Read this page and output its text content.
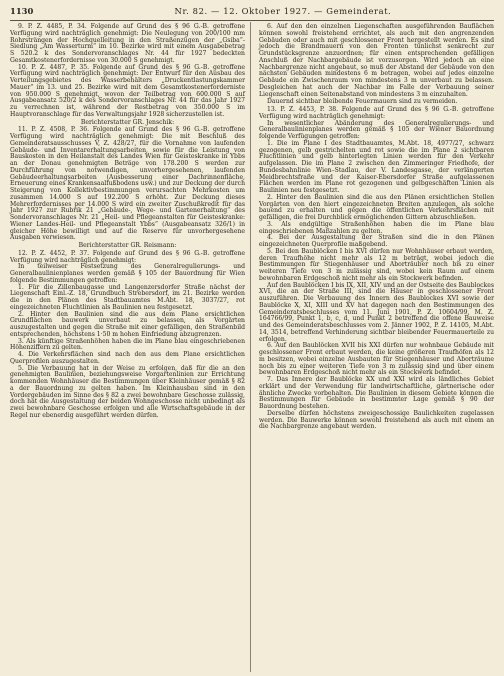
1130	Nr. 82. — 12. Oktober 1927. — Gemeinderat.

9. P. Z. 4485, P. 34. Folgende auf Grund des § 96 G.-B. getroffene Verfügung wird nachträglich genehmigt: Die Neulegung von 200/100 mm Rohrsträngen der Hochquelleitung in den Straßenzügen der „Gsiba“-Siedlung „Am Wasserturm“ im 10. Bezirke wird mit einem Ausgabebetrag S 520.2 k des Sondervoranschlages Nr. 44 für 1927 bedeckten Gesamtkostenerfordernisse von 30.000 S genehmigt.

10. P. Z. 4487, P. 35. Folgende auf Grund des § 96 G.-B. getroffene Verfügung wird nachträglich genehmigt: Der Entwurf für den Ausbau des Verteilungsgebietes des Wasserbehälters „Druckentlastungskammer Mauer“ im 13. und 25. Bezirke wird mit dem Gesamtkostenerforderniste von 950.000 S genehmigt, wovon der Teilbetrag von 600.000 S auf Ausgabeansatz 520/2 k des Sondervoranschlages Nr. 44 für das Jahr 1927 zu verrechnen ist, während der Restbetrag von 350.000 S im Hauptvoranschlage für das Verwaltungsjahr 1928 sicherzustellen ist.

Berichterstatter GR. Jenschik:

11. P. Z. 4508, P. 36. Folgende auf Grund des § 96 G.-B. getroffene Verfügung wird nachträglich genehmigt: Die mit Beschluß des Gemeinderatsausschusses V, Z. 428/27, für die Vornahme von laufenden Gebäude- und Inventarerhaltungsarbeiten, sowie für die Leistung von Bauskosten in den Heilanstalt des Landes Wien für Geisteskranke in Ybbs an der Donau genehmigten Beträge von 178.200 S werden zur Durchführung von notwendigen, unvorhergesehenen, laufenden Gebäudeerhaltungsarbeiten (Ausbesserung einer Dachrinnenfläche, Erneuerung eines Krankensaalfußbodens usw.) und zur Deckung der durch Steigerung von Kollektivbestimmungen verursachten Mehrkosten um zusammen 14.000 S auf 192.200 S erhöht. Zur Deckung dieses Mehrerfordernisses per 14.000 S wird ein zweiter Zuschußkredit für das Jahr 1927 zur Rubrik 21 „Gebäude-, Wege- und Gartenerhaltung“ des Sondervoranschlages Nr. 21 „Heil- und Pflegeanstalten für Geisteskranke: Wiener Landes-Heil- und Pflegeanstalt Ybbs“ (Ausgabeansatz 326/1) in gleicher Höhe bewilligt und auf die Reserve für unvorhergesehene Ausgaben verwiesen.

Berichterstatter GR. Reismann:

12. P. Z. 4452, P. 37. Folgende auf Grund des § 96 G.-B. getroffene Verfügung wird nachträglich genehmigt:

In teilweiser Festsetzung des Generalregulierungs- und Generalbaulinienplanes werden gemäß § 105 der Bauordnung für Wien folgende Bestimmungen getroffen:

1. Für die Zillenbaugasse und Langenzersdorfer Straße nächst der Liegenschaft Einl.-Z. 18, Grundbuch Strebersdorf, im 21. Bezirke werden die in den Plänen des Stadtbauamtes M.Abt. 18, 3037/27, rot eingezeichneten Fluchtlinien als Baulinien neu festgesetzt.

2. Hinter den Baulinien sind die aus dem Plane ersichtlichen Grundflächen bauwerk unverbaut zu belassen, als Vorgärten auszugestalten und gegen die Straße mit einer gefälligen, den Straßenbild entsprechenden, höchstens 1·50 m hohen Einfriedung abzugrenzen.

3. Als künftige Straßenhöhen haben die im Plane blau eingeschriebenen Höhenziffern zu gelten.

4. Die Verkehrsflächen sind nach den aus dem Plane ersichtlichen Querprofilen auszugestalten.

5. Die Verbauung hat in der Weise zu erfolgen, daß für die an den genehmigten Baulinien, beziehungsweise Vorgartenlinien zur Errichtung kommenden Wohnhäuser die Bestimmungen über Kleinhäuser gemäß § 82 a der Bauordnung zu gelten haben. Im Kleinhausbau sind in den Vordergebäuden im Sinne des § 82 a zwei bewohnbare Geschosse zulässig, doch hat die Ausgestaltung der beiden Wohngeschosse nicht unbedingt als zwei bewohnbare Geschosse erfolgen und alle Wirtschaftsgebäude in der Regel nur ebenerdig ausgeführt werden dürfen.

6. Auf den den einzelnen Liegenschaften ausgeführenden Bauflächen können sowohl freistehend errichtet, als auch mit den angrenzenden Gebäuden oder auch mit geschlossener Front hergestellt werden. Es sind jedoch die Brandmauern von den Fronten tunlichst senkrecht zur Grundstücksgrenze anzuordnen; für einen entsprechenden gefälligen Anschluß der Nachbargebäude ist vorzusorgen. Wird jedoch an eine Nachbargrenze nicht angebaut, so muß der Abstand der Gebäude von den nächsten Gebäuden mindestens 6 m betragen, wobei auf jedes einzelne Gebäude ein Zwischenraum von mindestens 3 m unverbaut zu belassen. Desgleichen hat auch der Nachbar im Falle der Verbauung seiner Liegenschaft einen Seitenabstand von mindestens 3 m einzuhalten.

Dauernd sichtbar bleibende Feuermauern sind zu vermeiden.

13. P. Z. 4453, P. 38. Folgende auf Grund des § 96 G.-B. getroffene Verfügung wird nachträglich genehmigt:

In wesentlicher Abänderung des Generalregulierungs- und Generalbaulinienplanes werden gemäß § 105 der Wiener Bauordnung folgende Verfügungen getroffen:

1. Die im Plane I des Stadtbauamtes, M.Abt. 18, 4977/27, schwarz gezogenen, gelb gestrichelten und rot sowie die im Plane 2 sichtbaren Fluchtlinien und gelb hinterlegten Linien werden für den Verkehr aufgelassen. Die im Plane 2 zwischen den Zimmeringer Friedhofe, der Bundesbahnlinie Wien–Stadlau, der V. Landesgasse, der verlängerten Meidbrechtsfraße und der Kaiser-Ebersdorfer Straße aufgelassenen Flächen werden im Plane rot gezogenen und gelbgeschäften Linien als Baulinien neu festgesetzt.

2. Hinter den Baulinien sind die aus den Plänen ersichtlichen Stellen Vorgärten von den hiert eingezeichneten Breiten anzulegen, als solche bauend zu erhalten und gegen die öffentlichen Verkehrsflächen mit gefälligen, die frei Durchblick ermöglichenden Gittern abzuschließen.

3. Als endgültige Straßenhöhen haben die im Plane blau eingeschriebenen Maßzahlen zu gelten.

4. Bei der Ausgestaltung der Straßen sind die in den Plänen eingezeichneten Querprofile maßgebend.

5. Bei den Baublöcken I bis XVI dürfen nur Wohnhäuser erbaut werden, deren Traufhöhe nicht mehr als 12 m beträgt, wobei jedoch die Bestimmungen für Stiegenhäuser und Aborträuber noch bis zu einer weiteren Tiefe von 3 m zulässig sind, wobei kein Raum auf einem bewohnbaren Erdgeschoß nicht mehr als ein Stockwerk befinden.

Auf den Baublöcken I bis IX, XII, XIV und an der Ostseite des Baublockes XVI, die an der Straße III, sind die Häuser in geschlossener Front auszuführen. Die Verbauung des Innern des Baublockes XVI sowie der Baublöcke X, XI, XIII und XV hat dagegen nach den Bestimmungen des Gemeinderatsbeschlusses vom 11. Juni 1901, P. Z. 10604/99, M. Z. 164766/99, Punkt 1, b, c, d, und Punkt 2 betreffend die offene Bauweise und des Gemeinderatsbeschlusses vom 2. Jänner 1902, P. Z. 14105, M.Abt. 14, 3514, betreffend Verhinderung sichtbar bleibender Feuermauerteile zu erfolgen.

6. Auf den Baublöcken XVII bis XXI dürfen nur wohnbaue Gebäude mit geschlossener Front erbaut werden, die keine größeren Traufhöfen als 12 m besitzen, wobei einzelne Ausbauten für Stiegenhäuser und Aborträume noch bis zu einer weiteren Tiefe von 3 m zulässig sind und über einem bewohnbaren Erdgeschoß nicht mehr als ein Stockwerk befindet.

7. Das Innere der Baublöcke XX und XXI wird als ländliches Gebiet erklärt und der Verwendung für landwirtschaftliche, gärtnerische oder ähnliche Zwecke vorbehalten. Die Baulinien in diesem Gebiete können die Bestimmungen für Gebäude in bestimmter Lage gemäß § 90 der Bauordnung bestehen.

Derselbe dürfen höchstens zweigeschossige Baulichkeiten zugelassen werden. Die Bauwerke können sowohl freistehend als auch mit einem an die Nachbargrenze angebaut werden.
